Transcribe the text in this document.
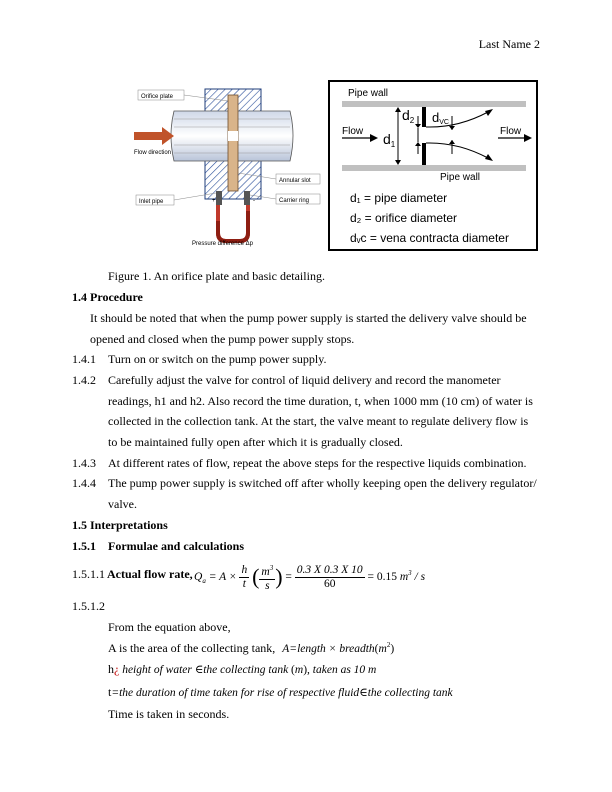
Last Name 2
Orifice plate
Flow direction
Inlet pipe
Annular slot
Carrier ring
+	-
Pressure difference Δp
Pipe wall
Pipe wall
Flow	Flow
$d_1$
$d_2$ dVC
d₁ = pipe diameter
d₂ = orifice diameter
dᵥc = vena contracta diameter
Figure 1. An orifice plate and basic detailing.
1.4 Procedure
It should be noted that when the pump power supply is started the delivery valve should be
opened and closed when the pump power supply stops.
1.4.1 Turn on or switch on the pump power supply.
1.4.2 Carefully adjust the valve for control of liquid delivery and record the manometer
readings, h1 and h2. Also record the time duration, t, when 1000 mm (10 cm) of water is
collected in the collection tank. At the start, the valve meant to regulate delivery flow is
to be maintained fully open after which it is gradually closed.
1.4.3 At different rates of flow, repeat the above steps for the respective liquids combination.
1.4.4 The pump power supply is switched off after wholly keeping open the delivery regulator/
valve.
1.5 Interpretations
1.5.1 Formulae and calculations
1.5.1.1 Actual flow rate, $Q_a = A \times \frac{h}{t}$ ( $\frac{m^3}{s}$ ) = $\frac{0.3 X 0.3 X 10}{60} = 0.15$ $m^3$ / s
1.5.1.2
From the equation above,
A is the area of the collecting tank, A=length × $breadth(m^2)$
h¿ height of water ∈the collecting tank (m), taken as 10 m
t=the duration of time taken for rise of respective fluid∈the collecting tank
Time is taken in seconds.
